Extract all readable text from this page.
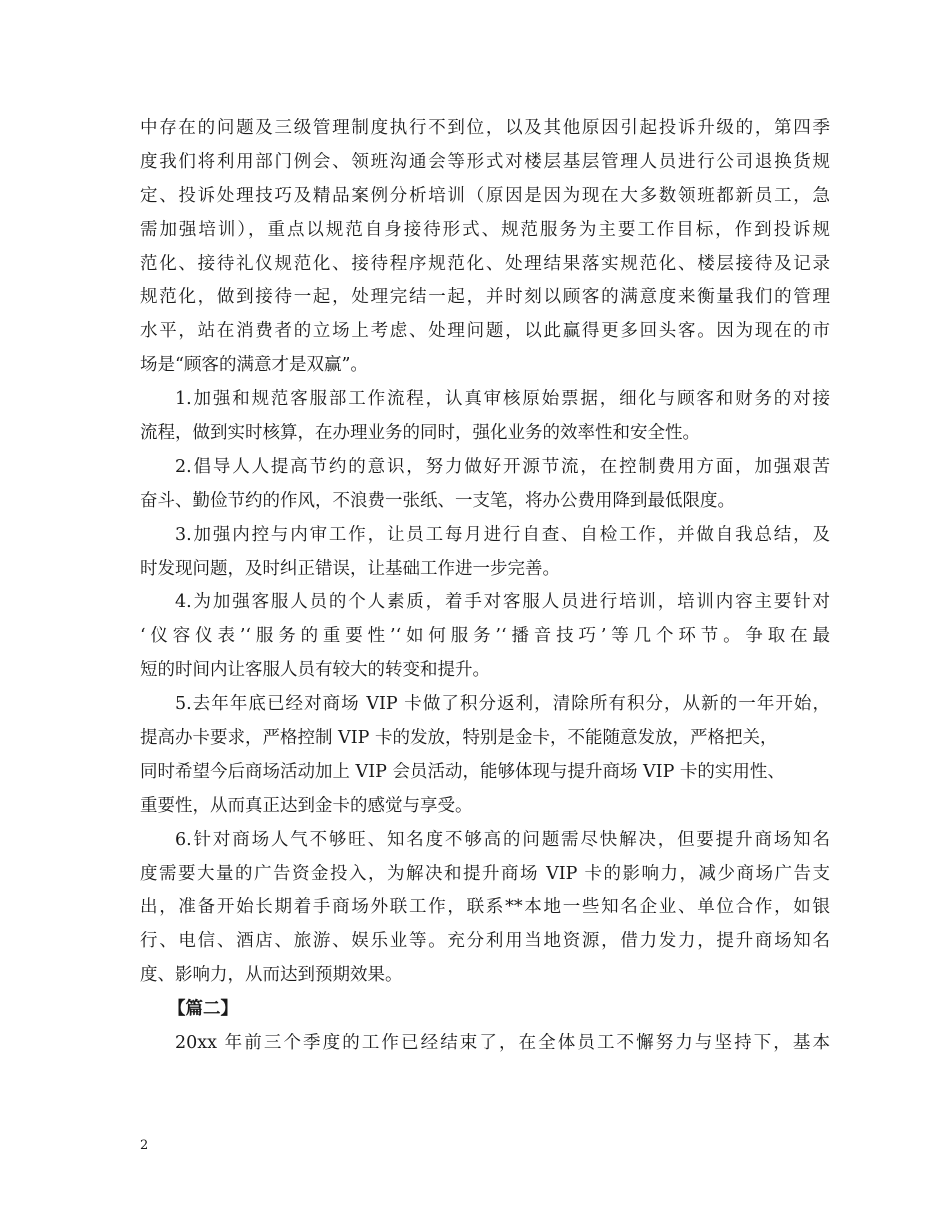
中存在的问题及三级管理制度执行不到位，以及其他原因引起投诉升级的，第四季
度我们将利用部门例会、领班沟通会等形式对楼层基层管理人员进行公司退换货规
定、投诉处理技巧及精品案例分析培训（原因是因为现在大多数领班都新员工，急
需加强培训），重点以规范自身接待形式、规范服务为主要工作目标，作到投诉规
范化、接待礼仪规范化、接待程序规范化、处理结果落实规范化、楼层接待及记录
规范化，做到接待一起，处理完结一起，并时刻以顾客的满意度来衡量我们的管理
水平，站在消费者的立场上考虑、处理问题，以此赢得更多回头客。因为现在的市
场是“顾客的满意才是双赢”。
1.加强和规范客服部工作流程，认真审核原始票据，细化与顾客和财务的对接
流程，做到实时核算，在办理业务的同时，强化业务的效率性和安全性。
2.倡导人人提高节约的意识，努力做好开源节流，在控制费用方面，加强艰苦
奋斗、勤俭节约的作风，不浪费一张纸、一支笔，将办公费用降到最低限度。
3.加强内控与内审工作，让员工每月进行自查、自检工作，并做自我总结，及
时发现问题，及时纠正错误，让基础工作进一步完善。
4.为加强客服人员的个人素质，着手对客服人员进行培训，培训内容主要针对
‘仪容仪表’‘服务的重要性’‘如何服务’‘播音技巧’等几个环节。争取在最
短的时间内让客服人员有较大的转变和提升。
5.去年年底已经对商场 VIP 卡做了积分返利，清除所有积分，从新的一年开始，
提高办卡要求，严格控制 VIP 卡的发放，特别是金卡，不能随意发放，严格把关，
同时希望今后商场活动加上 VIP 会员活动，能够体现与提升商场 VIP 卡的实用性、
重要性，从而真正达到金卡的感觉与享受。
6.针对商场人气不够旺、知名度不够高的问题需尽快解决，但要提升商场知名
度需要大量的广告资金投入，为解决和提升商场 VIP 卡的影响力，减少商场广告支
出，准备开始长期着手商场外联工作，联系**本地一些知名企业、单位合作，如银
行、电信、酒店、旅游、娱乐业等。充分利用当地资源，借力发力，提升商场知名
度、影响力，从而达到预期效果。
【篇二】
20xx 年前三个季度的工作已经结束了，在全体员工不懈努力与坚持下，基本
2
